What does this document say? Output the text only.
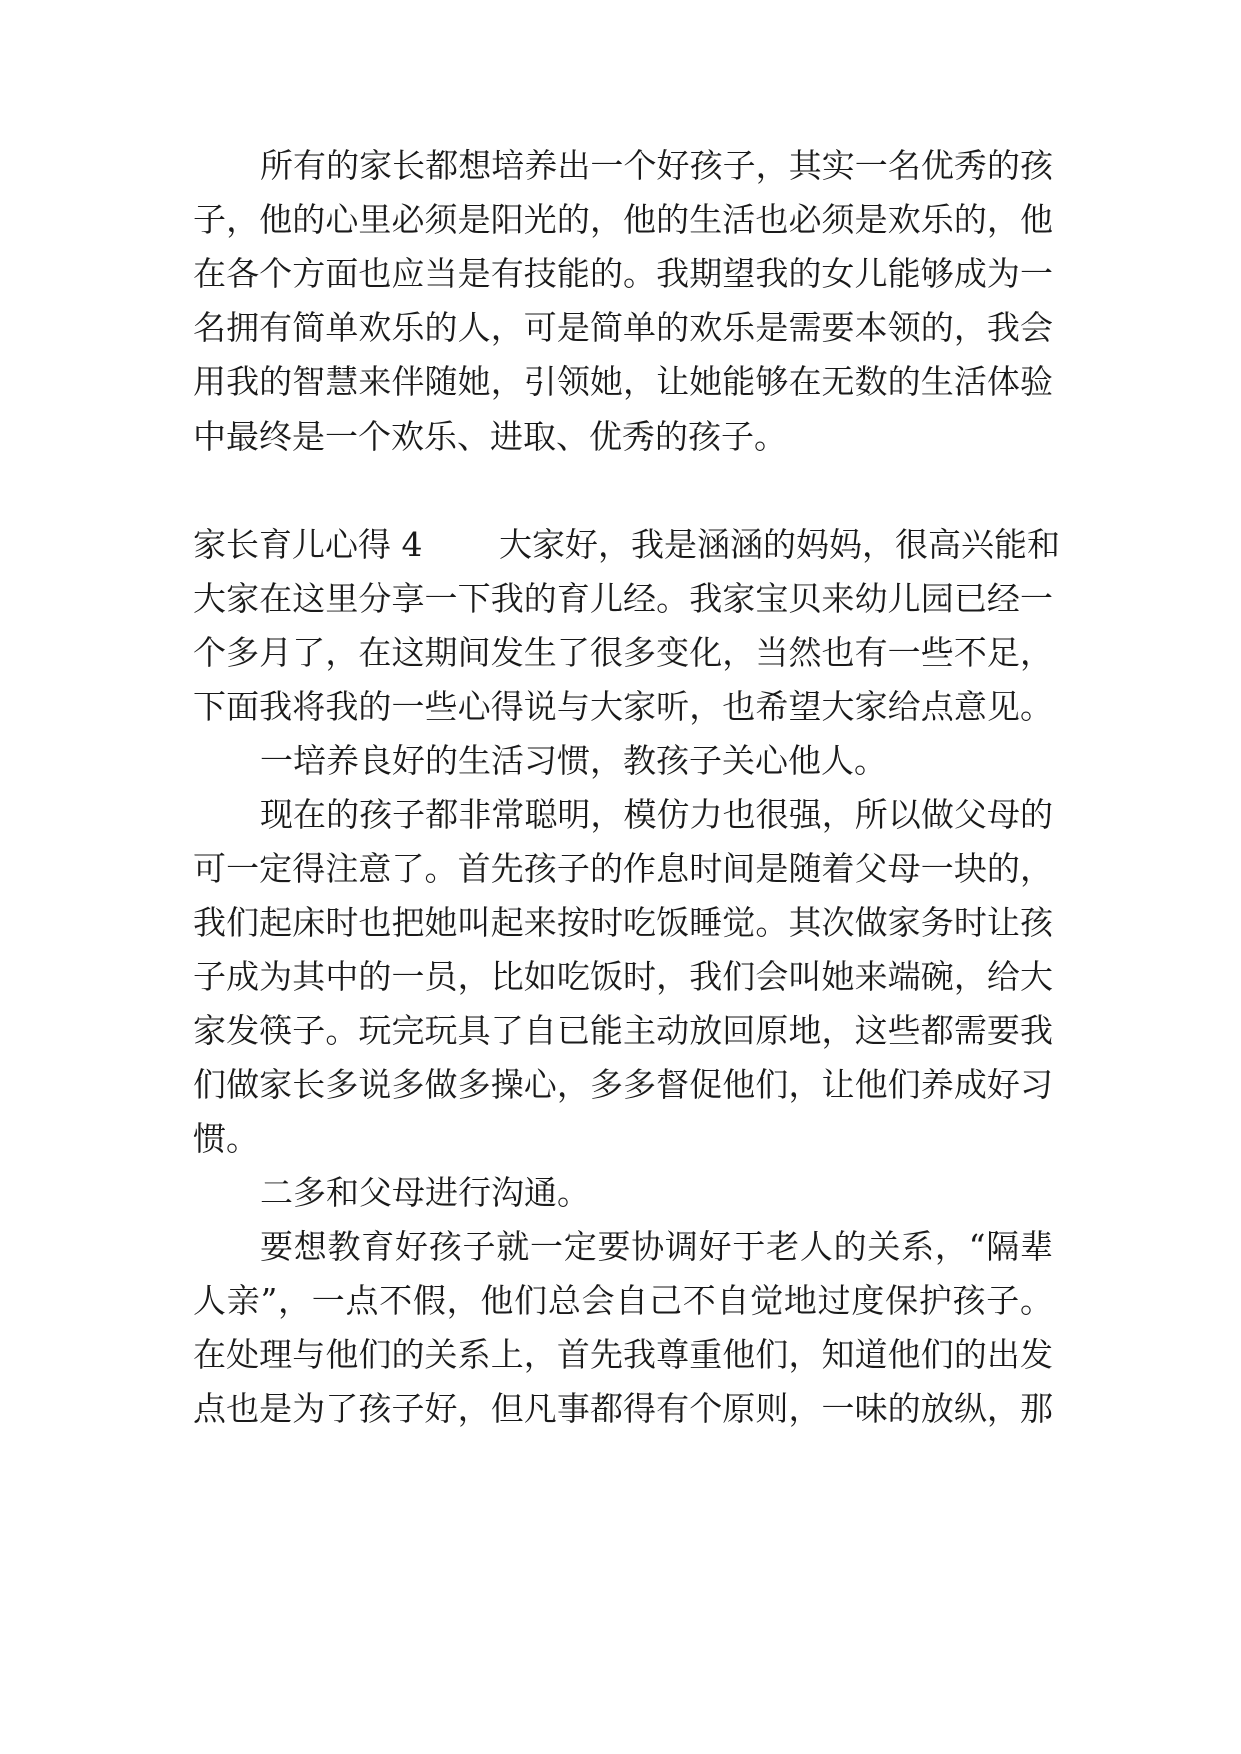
所有的家长都想培养出一个好孩子，其实一名优秀的孩
子，他的心里必须是阳光的，他的生活也必须是欢乐的，他
在各个方面也应当是有技能的。我期望我的女儿能够成为一
名拥有简单欢乐的人，可是简单的欢乐是需要本领的，我会
用我的智慧来伴随她，引领她，让她能够在无数的生活体验
中最终是一个欢乐、进取、优秀的孩子。
家长育儿心得 4 大家好，我是涵涵的妈妈，很高兴能和
大家在这里分享一下我的育儿经。我家宝贝来幼儿园已经一
个多月了，在这期间发生了很多变化，当然也有一些不足，
下面我将我的一些心得说与大家听，也希望大家给点意见。
一培养良好的生活习惯，教孩子关心他人。
现在的孩子都非常聪明，模仿力也很强，所以做父母的
可一定得注意了。首先孩子的作息时间是随着父母一块的，
我们起床时也把她叫起来按时吃饭睡觉。其次做家务时让孩
子成为其中的一员，比如吃饭时，我们会叫她来端碗，给大
家发筷子。玩完玩具了自已能主动放回原地，这些都需要我
们做家长多说多做多操心，多多督促他们，让他们养成好习
惯。
二多和父母进行沟通。
要想教育好孩子就一定要协调好于老人的关系，“隔辈
人亲”，一点不假，他们总会自己不自觉地过度保护孩子。
在处理与他们的关系上，首先我尊重他们，知道他们的出发
点也是为了孩子好，但凡事都得有个原则，一味的放纵，那
